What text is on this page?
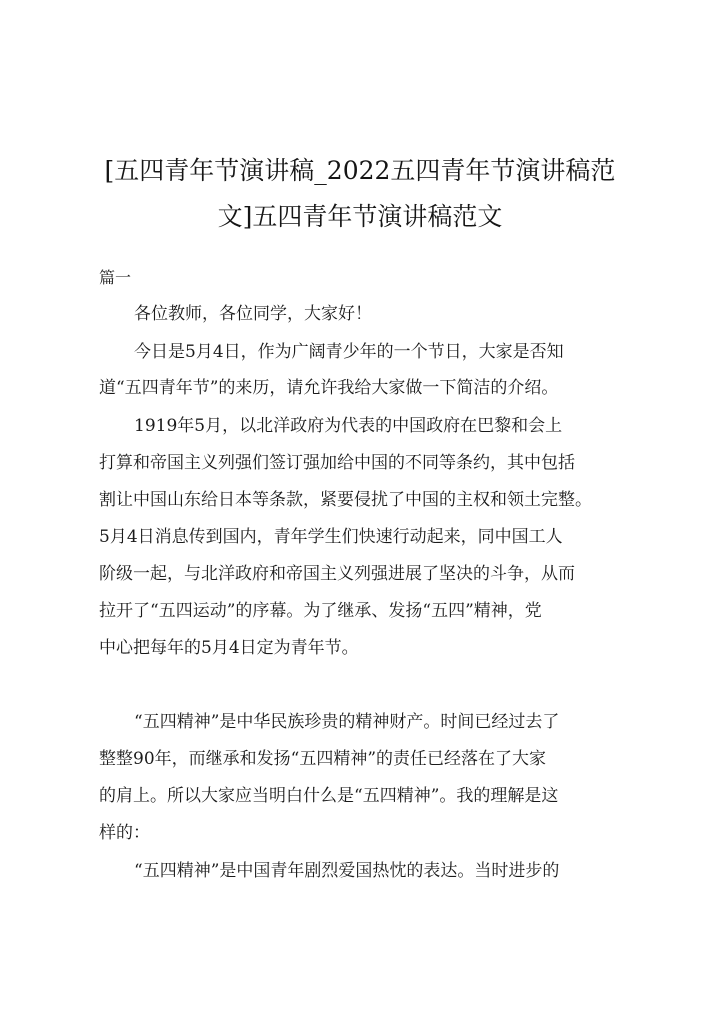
[五四青年节演讲稿_2022五四青年节演讲稿范
文]五四青年节演讲稿范文
篇一

各位教师，各位同学，大家好！

今日是5月4日，作为广阔青少年的一个节日，大家是否知

道“五四青年节”的来历，请允许我给大家做一下简洁的介绍。

1919年5月，以北洋政府为代表的中国政府在巴黎和会上

打算和帝国主义列强们签订强加给中国的不同等条约，其中包括

割让中国山东给日本等条款，紧要侵扰了中国的主权和领土完整。

5月4日消息传到国内，青年学生们快速行动起来，同中国工人

阶级一起，与北洋政府和帝国主义列强进展了坚决的斗争，从而

拉开了“五四运动”的序幕。为了继承、发扬“五四”精神，党

中心把每年的5月4日定为青年节。

“五四精神”是中华民族珍贵的精神财产。时间已经过去了

整整90年，而继承和发扬“五四精神”的责任已经落在了大家

的肩上。所以大家应当明白什么是“五四精神”。我的理解是这

样的：

“五四精神”是中国青年剧烈爱国热忱的表达。当时进步的
